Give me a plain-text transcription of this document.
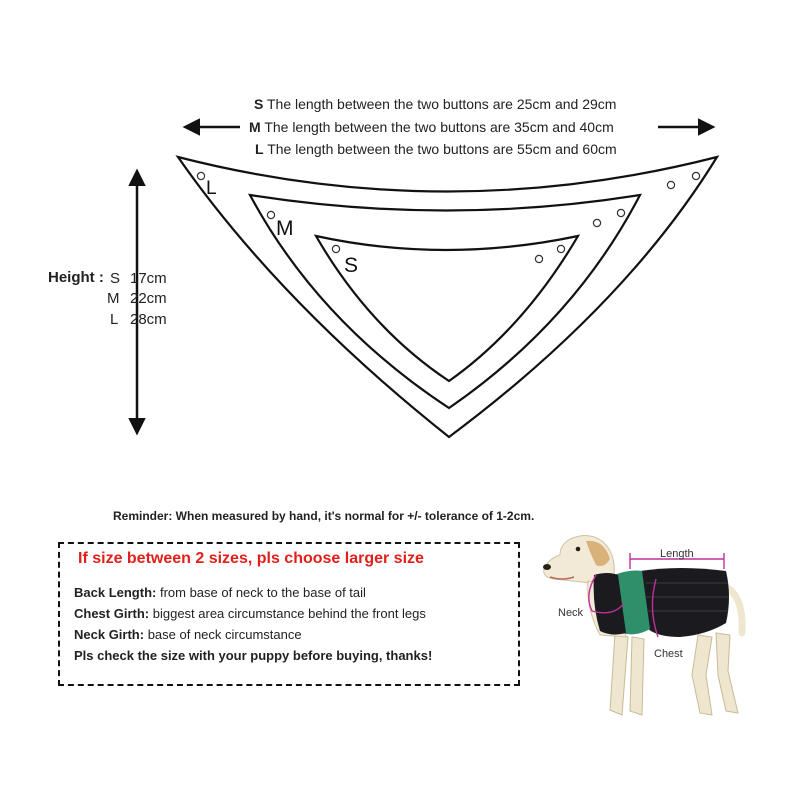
S The length between the two buttons are 25cm and 29cm
M The length between the two buttons are 35cm and 40cm
L The length between the two buttons are 55cm and 60cm
L
M
S
Height : S 17cm
M 22cm
L 28cm
Reminder: When measured by hand, it's normal for +/- tolerance of 1-2cm.
If size between 2 sizes, pls choose larger size
Back Length: from base of neck to the base of tail
Chest Girth: biggest area circumstance behind the front legs
Neck Girth: base of neck circumstance
Pls check the size with your puppy before buying, thanks!
Length
Neck
Chest
